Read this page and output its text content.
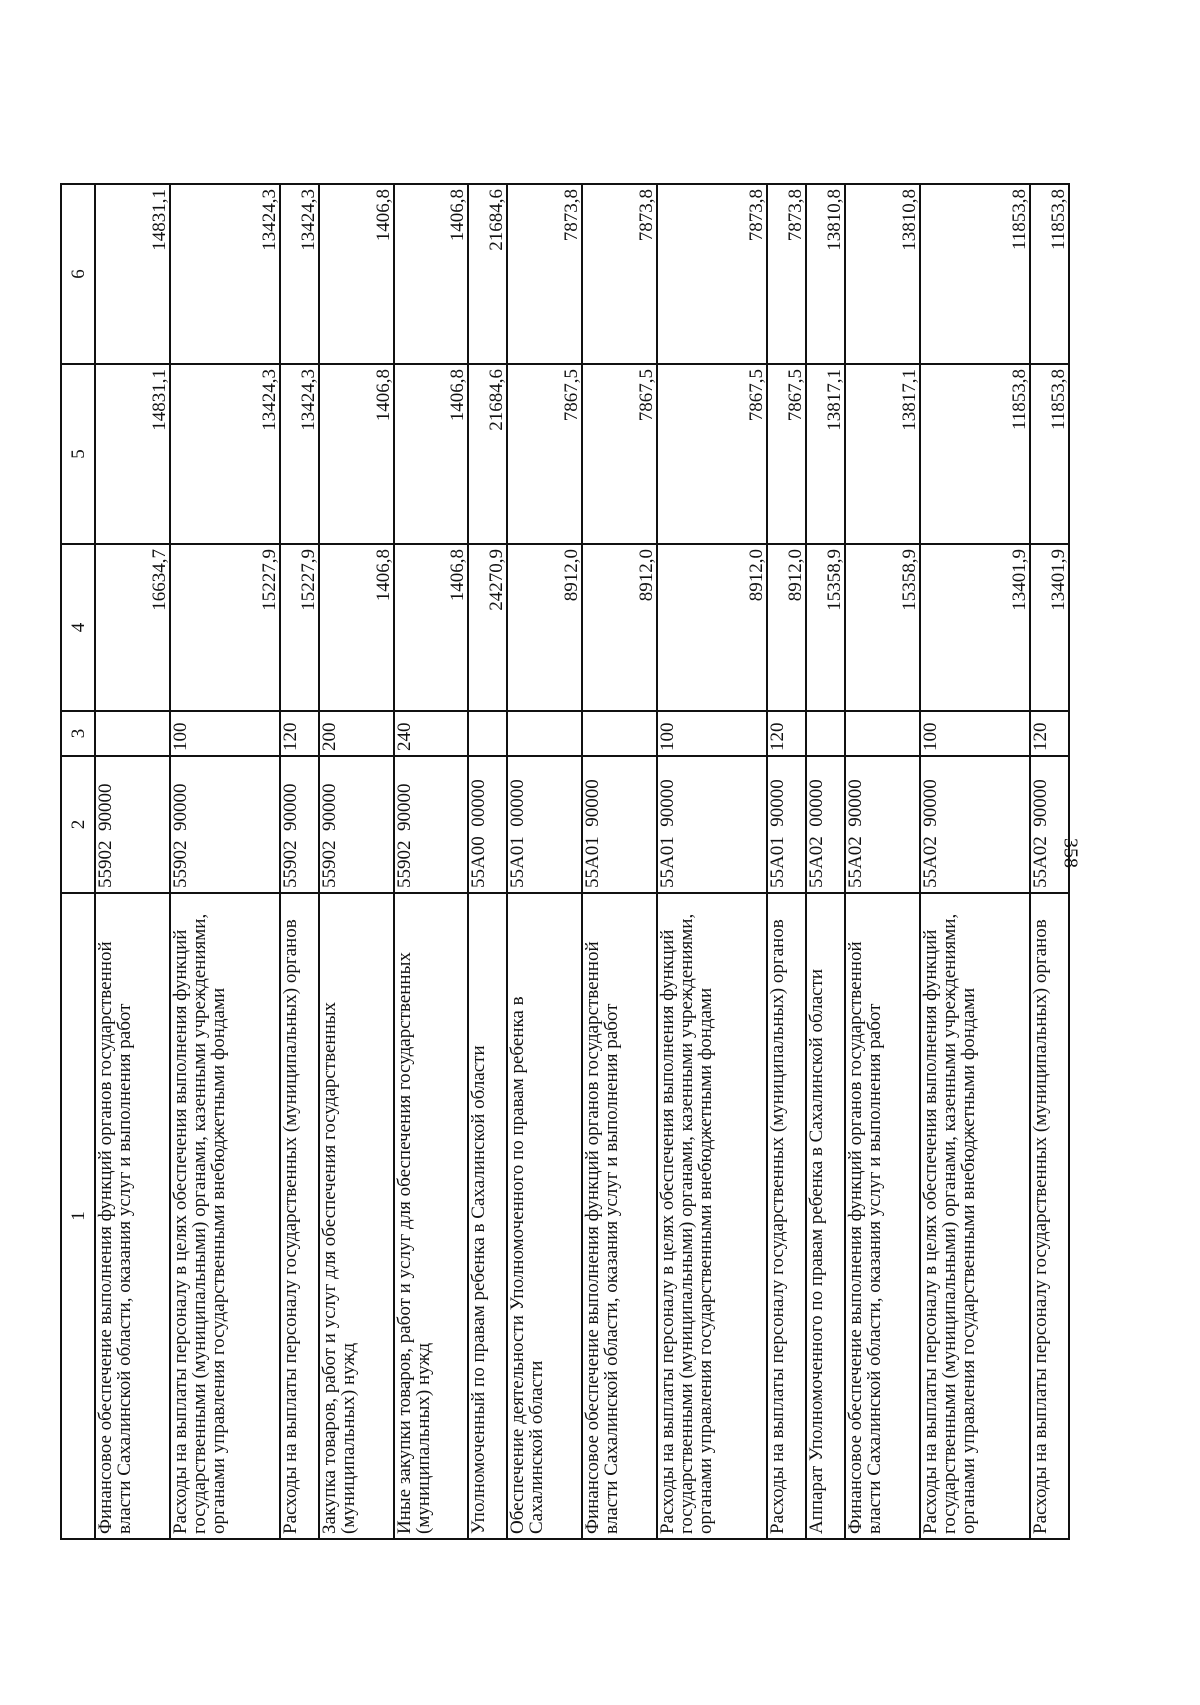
358
1	2	3	4	5	6
Финансовое обеспечение выполнения функций органов государственной власти Сахалинской области, оказания услуг и выполнения работ	55902  90000		16634,7	14831,1	14831,1
Расходы на выплаты персоналу в целях обеспечения выполнения функций государственными (муниципальными) органами, казенными учреждениями, органами управления государственными внебюджетными фондами	55902  90000	100	15227,9	13424,3	13424,3
Расходы на выплаты персоналу государственных (муниципальных) органов	55902  90000	120	15227,9	13424,3	13424,3
Закупка товаров, работ и услуг для обеспечения государственных (муниципальных) нужд	55902  90000	200	1406,8	1406,8	1406,8
Иные закупки товаров, работ и услуг для обеспечения государственных (муниципальных) нужд	55902  90000	240	1406,8	1406,8	1406,8
Уполномоченный по правам ребенка в Сахалинской области	55А00  00000		24270,9	21684,6	21684,6
Обеспечение деятельности Уполномоченного по правам ребенка в Сахалинской области	55А01  00000		8912,0	7867,5	7873,8
Финансовое обеспечение выполнения функций органов государственной власти Сахалинской области, оказания услуг и выполнения работ	55А01  90000		8912,0	7867,5	7873,8
Расходы на выплаты персоналу в целях обеспечения выполнения функций государственными (муниципальными) органами, казенными учреждениями, органами управления государственными внебюджетными фондами	55А01  90000	100	8912,0	7867,5	7873,8
Расходы на выплаты персоналу государственных (муниципальных) органов	55А01  90000	120	8912,0	7867,5	7873,8
Аппарат Уполномоченного по правам ребенка в Сахалинской области	55А02  00000		15358,9	13817,1	13810,8
Финансовое обеспечение выполнения функций органов государственной власти Сахалинской области, оказания услуг и выполнения работ	55А02  90000		15358,9	13817,1	13810,8
Расходы на выплаты персоналу в целях обеспечения выполнения функций государственными (муниципальными) органами, казенными учреждениями, органами управления государственными внебюджетными фондами	55А02  90000	100	13401,9	11853,8	11853,8
Расходы на выплаты персоналу государственных (муниципальных) органов	55А02  90000	120	13401,9	11853,8	11853,8
